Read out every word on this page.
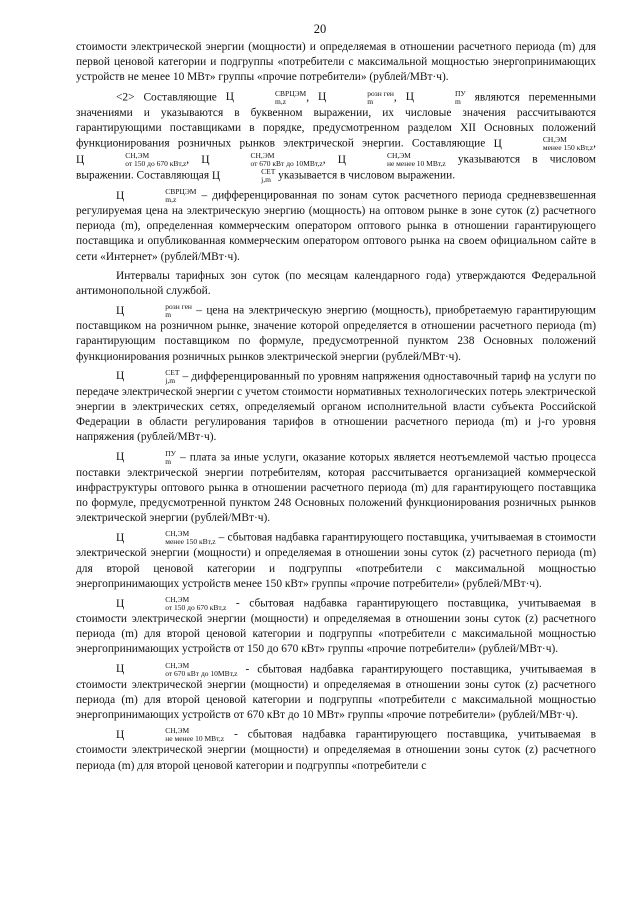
20

стоимости электрической энергии (мощности) и определяемая в отношении расчетного периода (m) для первой ценовой категории и подгруппы «потребители с максимальной мощностью энергопринимающих устройств не менее 10 МВт» группы «прочие потребители» (рублей/МВт·ч).

<2> Составляющие Ц	СВРЦЭМ
m,z	, Ц	розн ген
m	, Ц	ПУ
m являются переменными значениями и указываются в буквенном выражении, их числовые значения рассчитываются гарантирующими поставщиками в порядке, предусмотренном разделом XII Основных положений функционирования розничных рынков электрической энергии. Составляющие Ц	СН,ЭМ
менее 150 кВт,z , Ц	СН,ЭМ
от 150 до 670 кВт,z , Ц	СН,ЭМ
от 670 кВт до 10МВт,z , Ц	СН,ЭМ
не менее 10 МВт,z указываются в числовом выражении. Составляющая Ц	СЕТ
j,m указывается в числовом выражении.

Ц	СВРЦЭМ
m,z	– дифференцированная по зонам суток расчетного периода средневзвешенная регулируемая цена на электрическую энергию (мощность) на оптовом рынке в зоне суток (z) расчетного периода (m), определенная коммерческим оператором оптового рынка в отношении гарантирующего поставщика и опубликованная коммерческим оператором оптового рынка на своем официальном сайте в сети «Интернет» (рублей/МВт·ч).

Интервалы тарифных зон суток (по месяцам календарного года) утверждаются Федеральной антимонопольной службой.

Ц	розн ген
m	– цена на электрическую энергию (мощность), приобретаемую гарантирующим поставщиком на розничном рынке, значение которой определяется в отношении расчетного периода (m) гарантирующим поставщиком по формуле, предусмотренной пунктом 238 Основных положений функционирования розничных рынков электрической энергии (рублей/МВт·ч).

Ц	СЕТ
j,m – дифференцированный по уровням напряжения одноставочный тариф на услуги по передаче электрической энергии с учетом стоимости нормативных технологических потерь электрической энергии в электрических сетях, определяемый органом исполнительной власти субъекта Российской Федерации в области регулирования тарифов в отношении расчетного периода (m) и j-го уровня напряжения (рублей/МВт·ч).

Ц	ПУ
m – плата за иные услуги, оказание которых является неотъемлемой частью процесса поставки электрической энергии потребителям, которая рассчитывается организацией коммерческой инфраструктуры оптового рынка в отношении расчетного периода (m) для гарантирующего поставщика по формуле, предусмотренной пунктом 248 Основных положений функционирования розничных рынков электрической энергии (рублей/МВт·ч).

Ц	СН,ЭМ
менее 150 кВт,z – сбытовая надбавка гарантирующего поставщика, учитываемая в стоимости электрической энергии (мощности) и определяемая в отношении зоны суток (z) расчетного периода (m) для второй ценовой категории и подгруппы «потребители с максимальной мощностью энергопринимающих устройств менее 150 кВт» группы «прочие потребители» (рублей/МВт·ч).

Ц	СН,ЭМ
от 150 до 670 кВт,z - сбытовая надбавка гарантирующего поставщика, учитываемая в стоимости электрической энергии (мощности) и определяемая в отношении зоны суток (z) расчетного периода (m) для второй ценовой категории и подгруппы «потребители с максимальной мощностью энергопринимающих устройств от 150 до 670 кВт» группы «прочие потребители» (рублей/МВт·ч).

Ц	СН,ЭМ
от 670 кВт до 10МВт,z - сбытовая надбавка гарантирующего поставщика, учитываемая в стоимости электрической энергии (мощности) и определяемая в отношении зоны суток (z) расчетного периода (m) для второй ценовой категории и подгруппы «потребители с максимальной мощностью энергопринимающих устройств от 670 кВт до 10 МВт» группы «прочие потребители» (рублей/МВт·ч).

Ц	СН,ЭМ
не менее 10 МВт,z - сбытовая надбавка гарантирующего поставщика, учитываемая в стоимости электрической энергии (мощности) и определяемая в отношении зоны суток (z) расчетного периода (m) для второй ценовой категории и подгруппы «потребители с
